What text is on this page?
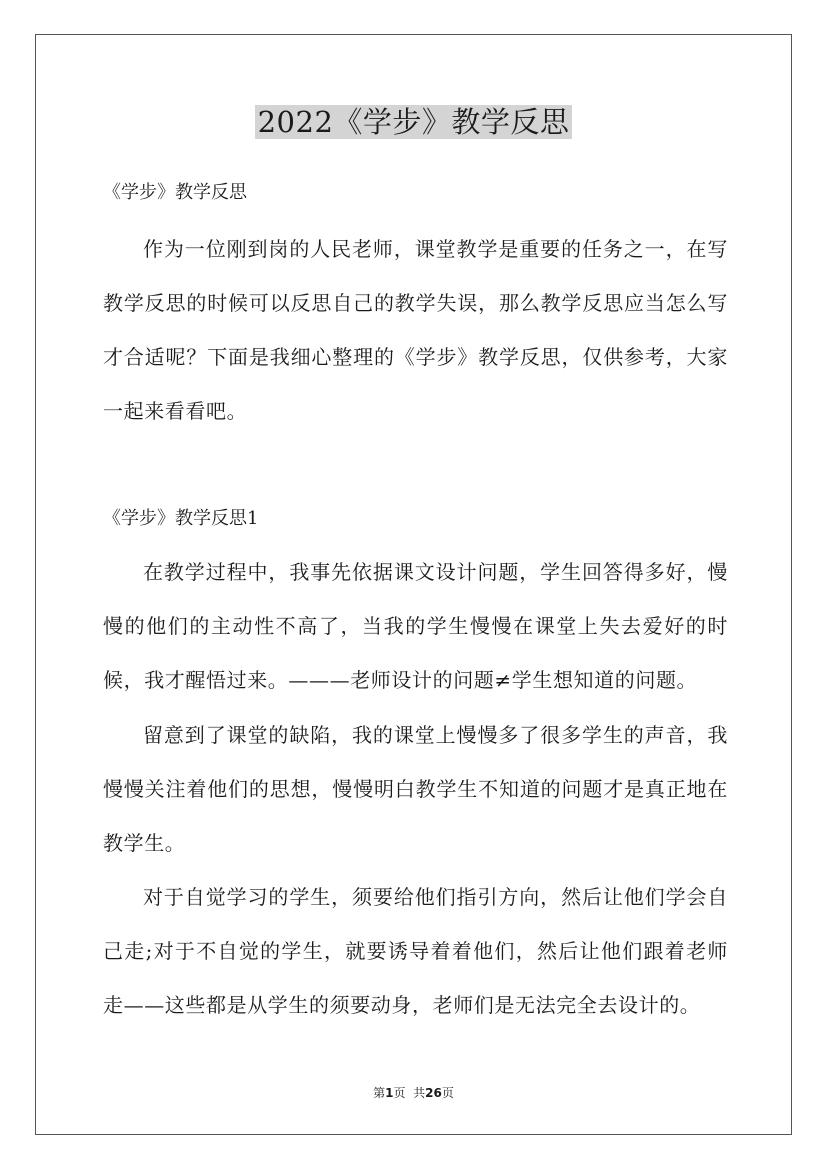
2022《学步》教学反思

《学步》教学反思

作为一位刚到岗的人民老师，课堂教学是重要的任务之一，在写教学反思的时候可以反思自己的教学失误，那么教学反思应当怎么写才合适呢？下面是我细心整理的《学步》教学反思，仅供参考，大家一起来看看吧。

《学步》教学反思1

在教学过程中，我事先依据课文设计问题，学生回答得多好，慢慢的他们的主动性不高了，当我的学生慢慢在课堂上失去爱好的时候，我才醒悟过来。———老师设计的问题≠学生想知道的问题。

留意到了课堂的缺陷，我的课堂上慢慢多了很多学生的声音，我慢慢关注着他们的思想，慢慢明白教学生不知道的问题才是真正地在教学生。

对于自觉学习的学生，须要给他们指引方向，然后让他们学会自己走;对于不自觉的学生，就要诱导着着他们，然后让他们跟着老师走——这些都是从学生的须要动身，老师们是无法完全去设计的。

第1页  共26页
